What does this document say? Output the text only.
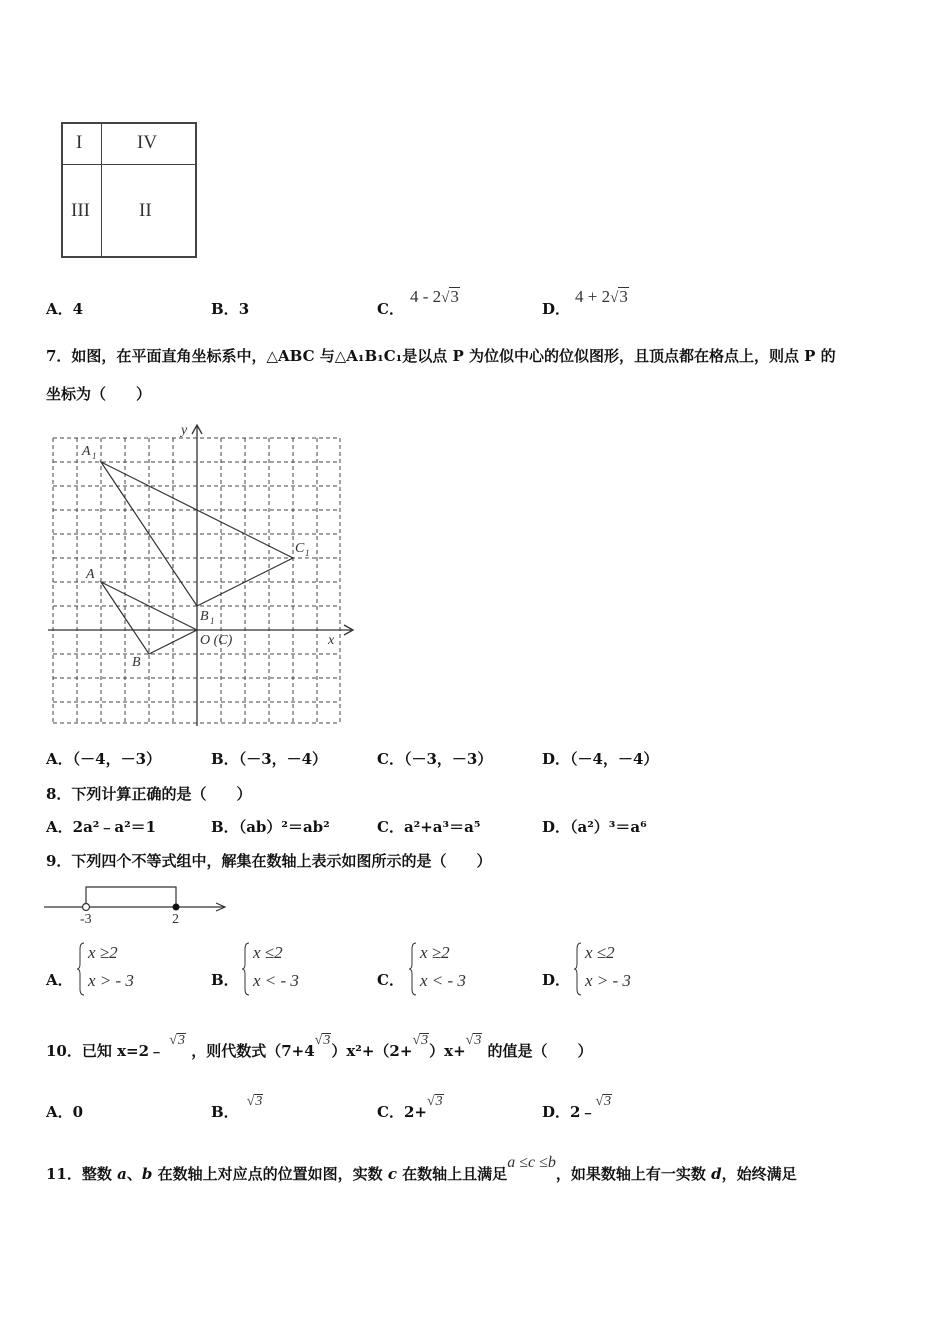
I	IV
III	II
A．4	B．3	C．
4 - 2√3
D．
4 + 2√3
7．如图，在平面直角坐标系中，△ABC 与△A₁B₁C₁是以点 P 为位似中心的位似图形，且顶点都在格点上，则点 P 的
坐标为（　　）
y
x
A 1
C 1
A
B 1
B
O (C)
A．（－4，－3）	B．（－3，－4）	C．（－3，－3）	D．（－4，－4）
8．下列计算正确的是（　　）
A．2a²﹣a²＝1	B．（ab）²＝ab²	C．a²+a³＝a⁵	D．（a²）³＝a⁶
9．下列四个不等式组中，解集在数轴上表示如图所示的是（　　）
-3	2
A．
x ≥2
x > - 3	B．
x ≤2
x < - 3	C．
x ≥2
x < - 3	D．
x ≤2
x > - 3
10．已知 x=2﹣ √3 ，则代数式（7+4√3）x²+（2+√3）x+√3 的值是（　　）
A．0	B．√3
C．2+√3
D．2﹣√3
11．整数 a、b 在数轴上对应点的位置如图，实数 c 在数轴上且满足a ≤c ≤b，如果数轴上有一实数 d，始终满足
